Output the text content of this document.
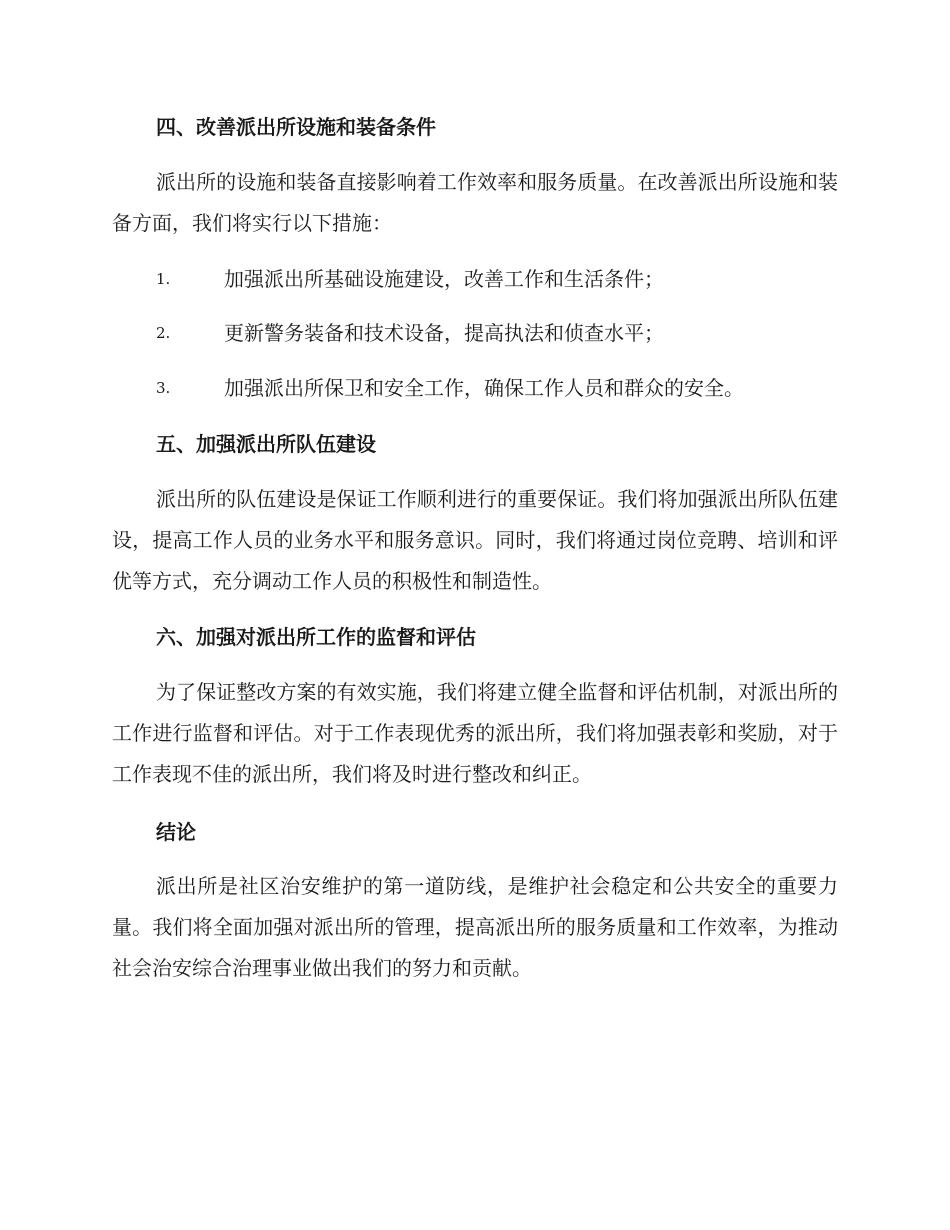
四、改善派出所设施和装备条件

派出所的设施和装备直接影响着工作效率和服务质量。在改善派出所设施和装备方面，我们将实行以下措施：

1.	加强派出所基础设施建设，改善工作和生活条件；
2.	更新警务装备和技术设备，提高执法和侦查水平；
3.	加强派出所保卫和安全工作，确保工作人员和群众的安全。
五、加强派出所队伍建设

派出所的队伍建设是保证工作顺利进行的重要保证。我们将加强派出所队伍建设，提高工作人员的业务水平和服务意识。同时，我们将通过岗位竞聘、培训和评优等方式，充分调动工作人员的积极性和制造性。

六、加强对派出所工作的监督和评估

为了保证整改方案的有效实施，我们将建立健全监督和评估机制，对派出所的工作进行监督和评估。对于工作表现优秀的派出所，我们将加强表彰和奖励，对于工作表现不佳的派出所，我们将及时进行整改和纠正。

结论

派出所是社区治安维护的第一道防线，是维护社会稳定和公共安全的重要力量。我们将全面加强对派出所的管理，提高派出所的服务质量和工作效率，为推动社会治安综合治理事业做出我们的努力和贡献。
